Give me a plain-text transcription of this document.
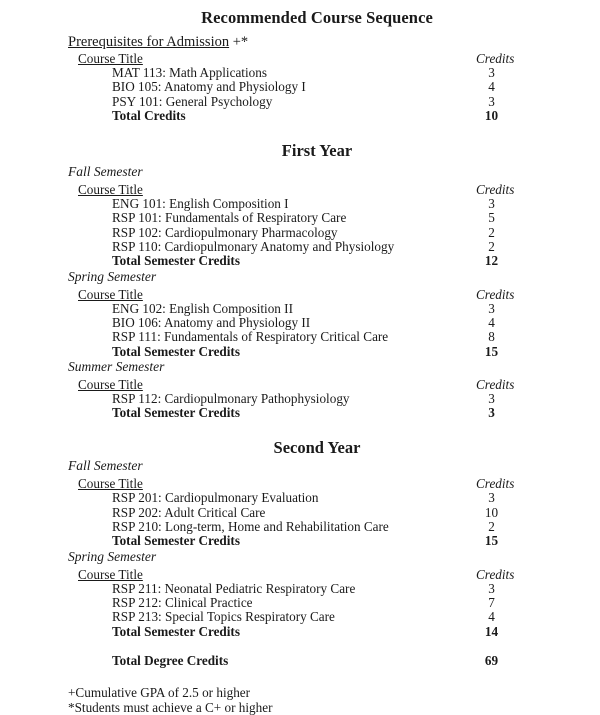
Recommended Course Sequence
Prerequisites for Admission +*
Course Title	Credits
MAT 113: Math Applications	3
BIO 105: Anatomy and Physiology I	4
PSY 101: General Psychology	3
Total Credits	10
First Year
Fall Semester

Course Title	Credits
ENG 101: English Composition I	3
RSP 101: Fundamentals of Respiratory Care	5
RSP 102: Cardiopulmonary Pharmacology	2
RSP 110: Cardiopulmonary Anatomy and Physiology	2
Total Semester Credits	12
Spring Semester

Course Title	Credits
ENG 102: English Composition II	3
BIO 106: Anatomy and Physiology II	4
RSP 111: Fundamentals of Respiratory Critical Care	8
Total Semester Credits	15
Summer Semester

Course Title	Credits
RSP 112: Cardiopulmonary Pathophysiology	3
Total Semester Credits	3
Second Year
Fall Semester

Course Title	Credits
RSP 201: Cardiopulmonary Evaluation	3
RSP 202: Adult Critical Care	10
RSP 210: Long-term, Home and Rehabilitation Care	2
Total Semester Credits	15
Spring Semester

Course Title	Credits
RSP 211: Neonatal Pediatric Respiratory Care	3
RSP 212: Clinical Practice	7
RSP 213: Special Topics Respiratory Care	4
Total Semester Credits	14
Total Degree Credits	69

+Cumulative GPA of 2.5 or higher

*Students must achieve a C+ or higher
